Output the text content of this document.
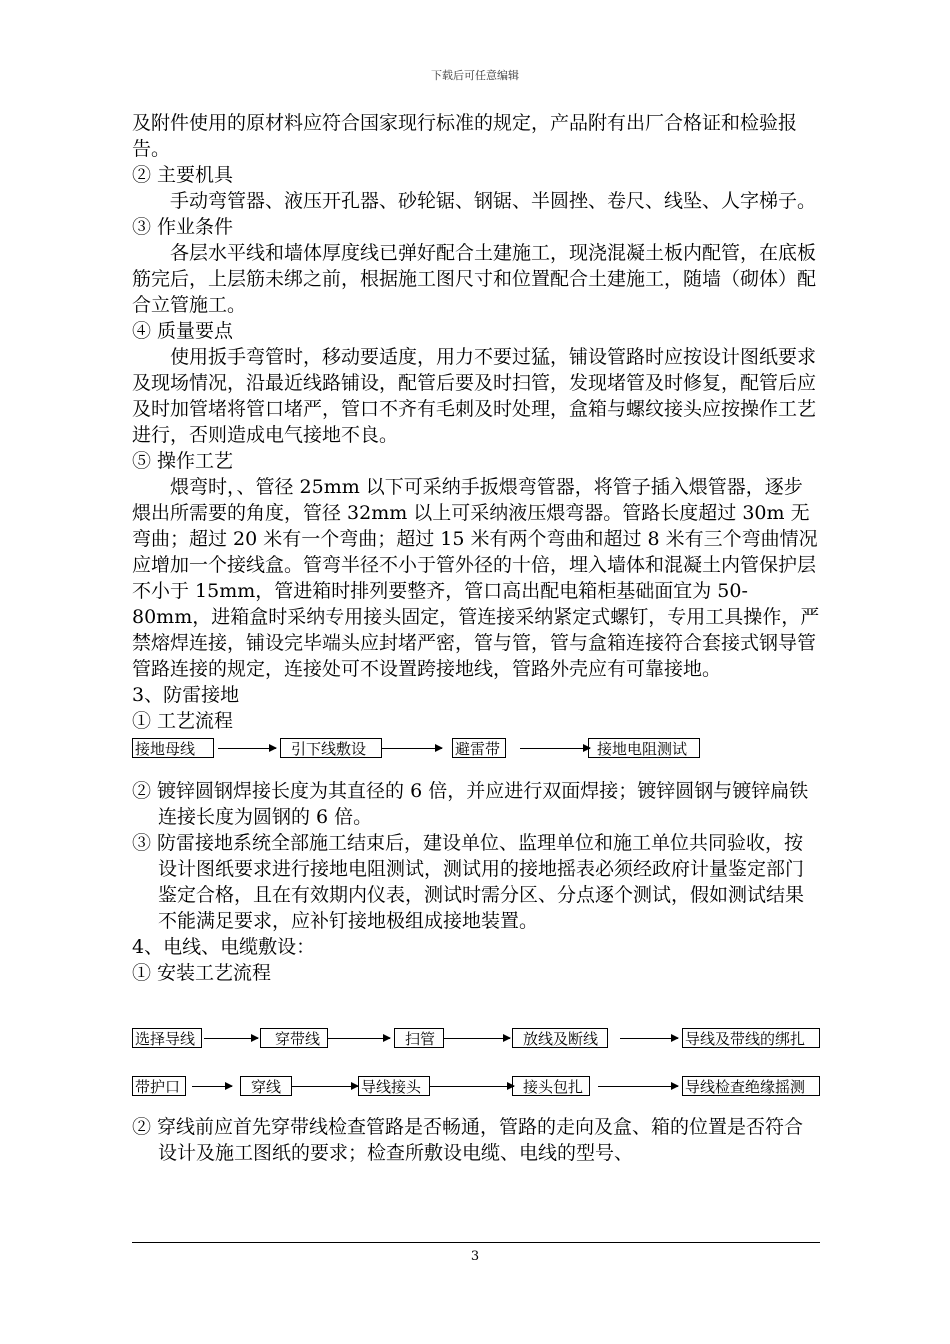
下载后可任意编辑

及附件使用的原材料应符合国家现行标准的规定，产品附有出厂合格证和检验报告。

② 主要机具

手动弯管器、液压开孔器、砂轮锯、钢锯、半圆挫、卷尺、线坠、人字梯子。

③ 作业条件

各层水平线和墙体厚度线已弹好配合土建施工，现浇混凝土板内配管，在底板筋完后，上层筋未绑之前，根据施工图尺寸和位置配合土建施工，随墙（砌体）配合立管施工。

④ 质量要点

使用扳手弯管时，移动要适度，用力不要过猛，铺设管路时应按设计图纸要求及现场情况，沿最近线路铺设，配管后要及时扫管，发现堵管及时修复，配管后应及时加管堵将管口堵严，管口不齐有毛刺及时处理，盒箱与螺纹接头应按操作工艺进行，否则造成电气接地不良。

⑤ 操作工艺

煨弯时，、管径 25mm 以下可采纳手扳煨弯管器，将管子插入煨管器，逐步煨出所需要的角度，管径 32mm 以上可采纳液压煨弯器。管路长度超过 30m 无弯曲；超过 20 米有一个弯曲；超过 15 米有两个弯曲和超过 8 米有三个弯曲情况应增加一个接线盒。管弯半径不小于管外径的十倍，埋入墙体和混凝土内管保护层不小于 15mm，管进箱时排列要整齐，管口高出配电箱柜基础面宜为 50-80mm，进箱盒时采纳专用接头固定，管连接采纳紧定式螺钉，专用工具操作，严禁熔焊连接，铺设完毕端头应封堵严密，管与管，管与盒箱连接符合套接式钢导管管路连接的规定，连接处可不设置跨接地线，管路外壳应有可靠接地。

3、防雷接地

① 工艺流程

接地母线	引下线敷设	避雷带	接地电阻测试

② 镀锌圆钢焊接长度为其直径的 6 倍，并应进行双面焊接；镀锌圆钢与镀锌扁铁连接长度为圆钢的 6 倍。

③ 防雷接地系统全部施工结束后，建设单位、监理单位和施工单位共同验收，按设计图纸要求进行接地电阻测试，测试用的接地摇表必须经政府计量鉴定部门鉴定合格，且在有效期内仪表，测试时需分区、分点逐个测试，假如测试结果不能满足要求，应补钉接地极组成接地装置。

4、电线、电缆敷设：

① 安装工艺流程

选择导线	穿带线	扫管	放线及断线	导线及带线的绑扎
带护口	穿线	导线接头	接头包扎	导线检查绝缘摇测

② 穿线前应首先穿带线检查管路是否畅通，管路的走向及盒、箱的位置是否符合设计及施工图纸的要求；检查所敷设电缆、电线的型号、

3
